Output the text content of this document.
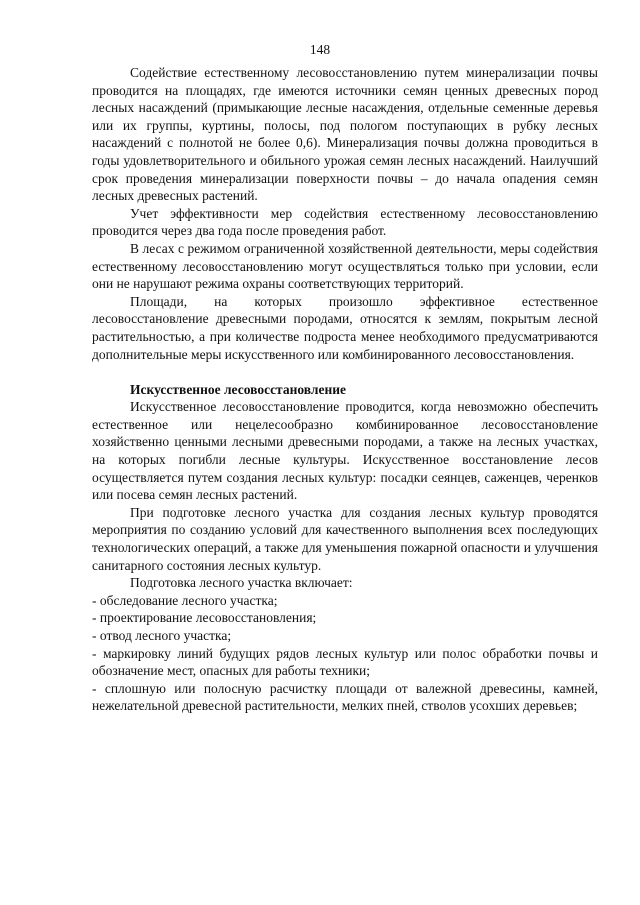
148

Содействие естественному лесовосстановлению путем минерализации почвы проводится на площадях, где имеются источники семян ценных древесных пород лесных насаждений (примыкающие лесные насаждения, отдельные семенные деревья или их группы, куртины, полосы, под пологом поступающих в рубку лесных насаждений с полнотой не более 0,6). Минерализация почвы должна проводиться в годы удовлетворительного и обильного урожая семян лесных насаждений. Наилучший срок проведения минерализации поверхности почвы – до начала опадения семян лесных древесных растений.

Учет эффективности мер содействия естественному лесовосстановлению проводится через два года после проведения работ.

В лесах с режимом ограниченной хозяйственной деятельности, меры содействия естественному лесовосстановлению могут осуществляться только при условии, если они не нарушают режима охраны соответствующих территорий.

Площади, на которых произошло эффективное естественное лесовосстановление древесными породами, относятся к землям, покрытым лесной растительностью, а при количестве подроста менее необходимого предусматриваются дополнительные меры искусственного или комбинированного лесовосстановления.

Искусственное лесовосстановление

Искусственное лесовосстановление проводится, когда невозможно обеспечить естественное или нецелесообразно комбинированное лесовосстановление хозяйственно ценными лесными древесными породами, а также на лесных участках, на которых погибли лесные культуры. Искусственное восстановление лесов осуществляется путем создания лесных культур: посадки сеянцев, саженцев, черенков или посева семян лесных растений.

При подготовке лесного участка для создания лесных культур проводятся мероприятия по созданию условий для качественного выполнения всех последующих технологических операций, а также для уменьшения пожарной опасности и улучшения санитарного состояния лесных культур.

Подготовка лесного участка включает:

- обследование лесного участка;

- проектирование лесовосстановления;

- отвод лесного участка;

- маркировку линий будущих рядов лесных культур или полос обработки почвы и обозначение мест, опасных для работы техники;

- сплошную или полосную расчистку площади от валежной древесины, камней, нежелательной древесной растительности, мелких пней, стволов усохших деревьев;
